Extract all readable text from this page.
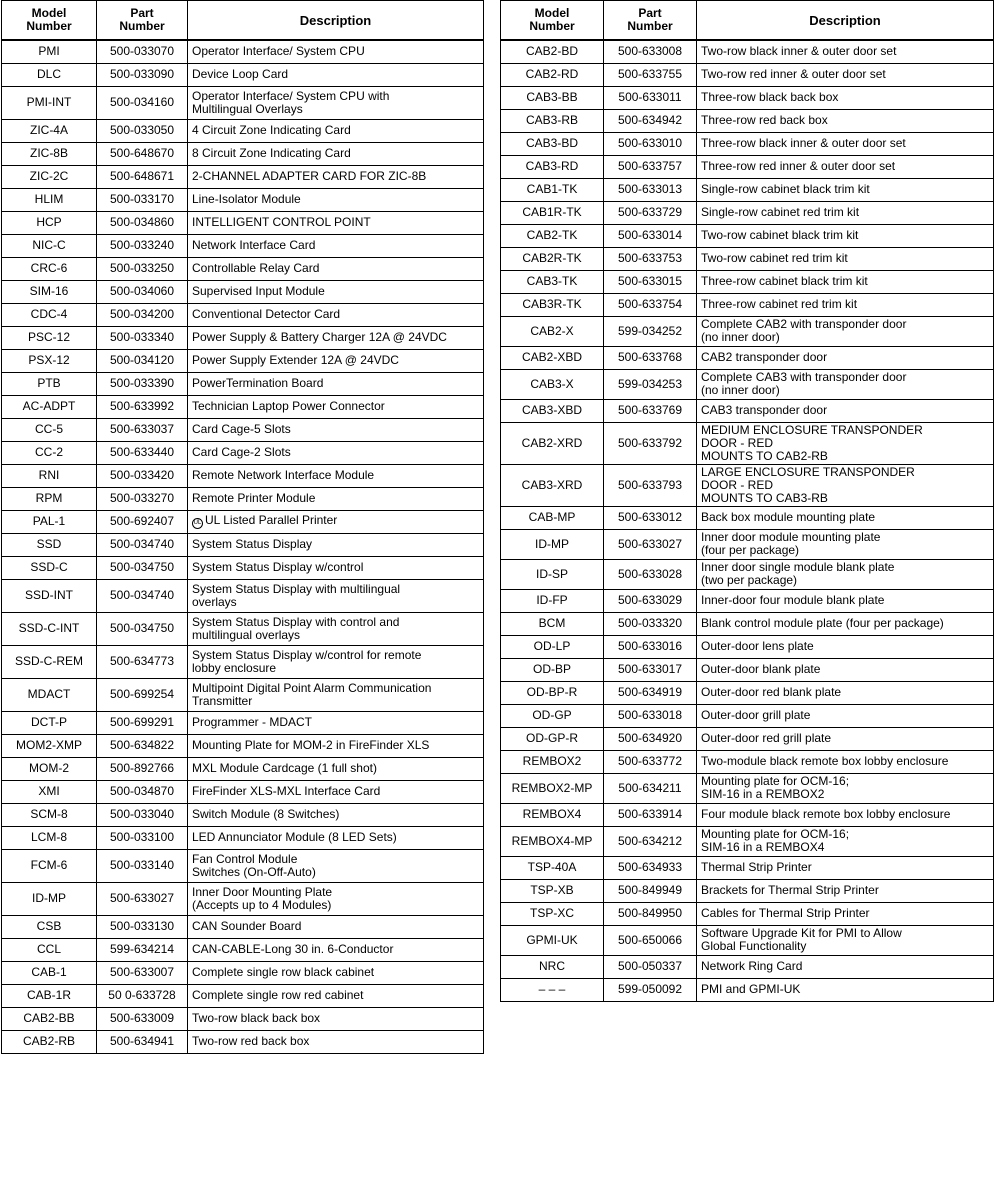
Model
Number	Part
Number	Description
PMI	500-033070	Operator Interface/ System CPU
DLC	500-033090	Device Loop Card
PMI-INT	500-034160	Operator Interface/ System CPU with
Multilingual Overlays
ZIC-4A	500-033050	4 Circuit Zone Indicating Card
ZIC-8B	500-648670	8 Circuit Zone Indicating Card
ZIC-2C	500-648671	2-CHANNEL ADAPTER CARD FOR ZIC-8B
HLIM	500-033170	Line-Isolator Module
HCP	500-034860	INTELLIGENT CONTROL POINT
NIC-C	500-033240	Network Interface Card
CRC-6	500-033250	Controllable Relay Card
SIM-16	500-034060	Supervised Input Module
CDC-4	500-034200	Conventional Detector Card
PSC-12	500-033340	Power Supply & Battery Charger 12A @ 24VDC
PSX-12	500-034120	Power Supply Extender 12A @ 24VDC
PTB	500-033390	PowerTermination Board
AC-ADPT	500-633992	Technician Laptop Power Connector
CC-5	500-633037	Card Cage-5 Slots
CC-2	500-633440	Card Cage-2 Slots
RNI	500-033420	Remote Network Interface Module
RPM	500-033270	Remote Printer Module
PAL-1	500-692407	UL UL Listed Parallel Printer
SSD	500-034740	System Status Display
SSD-C	500-034750	System Status Display w/control
SSD-INT	500-034740	System Status Display with multilingual
overlays
SSD-C-INT	500-034750	System Status Display with control and
multilingual overlays
SSD-C-REM	500-634773	System Status Display w/control for remote
lobby enclosure
MDACT	500-699254	Multipoint Digital Point Alarm Communication
Transmitter
DCT-P	500-699291	Programmer - MDACT
MOM2-XMP	500-634822	Mounting Plate for MOM-2 in FireFinder XLS
MOM-2	500-892766	MXL Module Cardcage (1 full shot)
XMI	500-034870	FireFinder XLS-MXL Interface Card
SCM-8	500-033040	Switch Module (8 Switches)
LCM-8	500-033100	LED Annunciator Module (8 LED Sets)
FCM-6	500-033140	Fan Control Module
Switches (On-Off-Auto)
ID-MP	500-633027	Inner Door Mounting Plate
(Accepts up to 4 Modules)
CSB	500-033130	CAN Sounder Board
CCL	599-634214	CAN-CABLE-Long 30 in. 6-Conductor
CAB-1	500-633007	Complete single row black cabinet
CAB-1R	50 0-633728	Complete single row red cabinet
CAB2-BB	500-633009	Two-row black back box
CAB2-RB	500-634941	Two-row red back box
Model
Number	Part
Number	Description
CAB2-BD	500-633008	Two-row black inner & outer door set
CAB2-RD	500-633755	Two-row red inner & outer door set
CAB3-BB	500-633011	Three-row black back box
CAB3-RB	500-634942	Three-row red back box
CAB3-BD	500-633010	Three-row black inner & outer door set
CAB3-RD	500-633757	Three-row red inner & outer door set
CAB1-TK	500-633013	Single-row cabinet black trim kit
CAB1R-TK	500-633729	Single-row cabinet red trim kit
CAB2-TK	500-633014	Two-row cabinet black trim kit
CAB2R-TK	500-633753	Two-row cabinet red trim kit
CAB3-TK	500-633015	Three-row cabinet black trim kit
CAB3R-TK	500-633754	Three-row cabinet red trim kit
CAB2-X	599-034252	Complete CAB2 with transponder door
(no inner door)
CAB2-XBD	500-633768	CAB2 transponder door
CAB3-X	599-034253	Complete CAB3 with transponder door
(no inner door)
CAB3-XBD	500-633769	CAB3 transponder door
CAB2-XRD	500-633792	MEDIUM ENCLOSURE TRANSPONDER
DOOR - RED
MOUNTS TO CAB2-RB
CAB3-XRD	500-633793	LARGE ENCLOSURE TRANSPONDER
DOOR - RED
MOUNTS TO CAB3-RB
CAB-MP	500-633012	Back box module mounting plate
ID-MP	500-633027	Inner door module mounting plate
(four per package)
ID-SP	500-633028	Inner door single module blank plate
(two per package)
ID-FP	500-633029	Inner-door four module blank plate
BCM	500-033320	Blank control module plate (four per package)
OD-LP	500-633016	Outer-door lens plate
OD-BP	500-633017	Outer-door blank plate
OD-BP-R	500-634919	Outer-door red blank plate
OD-GP	500-633018	Outer-door grill plate
OD-GP-R	500-634920	Outer-door red grill plate
REMBOX2	500-633772	Two-module black remote box lobby enclosure
REMBOX2-MP	500-634211	Mounting plate for OCM-16;
SIM-16 in a REMBOX2
REMBOX4	500-633914	Four module black remote box lobby enclosure
REMBOX4-MP	500-634212	Mounting plate for OCM-16;
SIM-16 in a REMBOX4
TSP-40A	500-634933	Thermal Strip Printer
TSP-XB	500-849949	Brackets for Thermal Strip Printer
TSP-XC	500-849950	Cables for Thermal Strip Printer
GPMI-UK	500-650066	Software Upgrade Kit for PMI to Allow
Global Functionality
NRC	500-050337	Network Ring Card
– – –	599-050092	PMI and GPMI-UK
